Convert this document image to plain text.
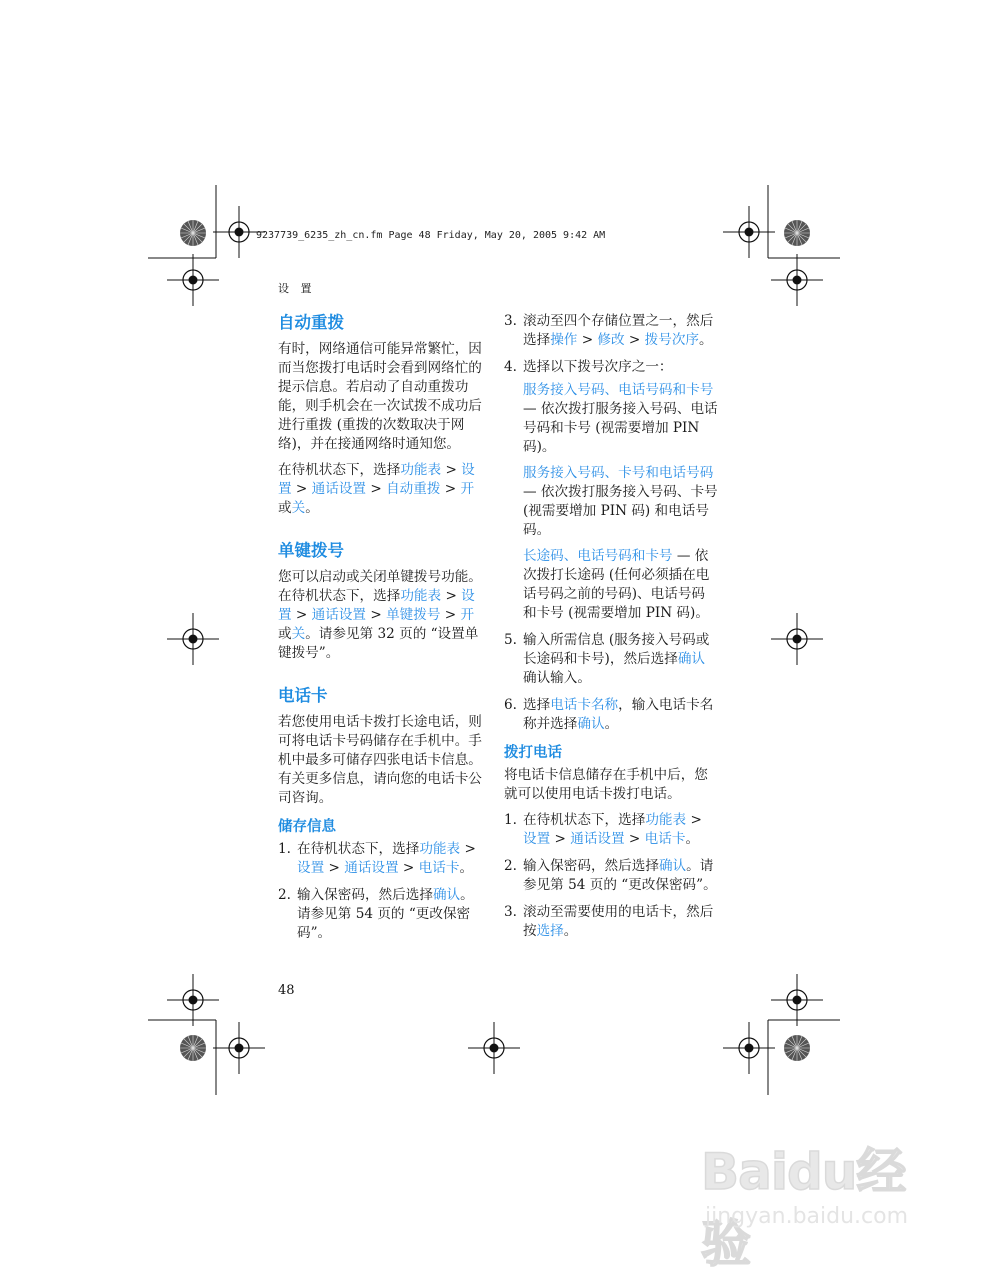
9237739_6235_zh_cn.fm Page 48 Friday, May 20, 2005 9:42 AM
设 置
自动重拨

有时，网络通信可能异常繁忙，因而当您拨打电话时会看到网络忙的提示信息。若启动了自动重拨功能，则手机会在一次试拨不成功后进行重拨 (重拨的次数取决于网络)，并在接通网络时通知您。

在待机状态下，选择功能表 > 设置 > 通话设置 > 自动重拨 > 开或关。

单键拨号

您可以启动或关闭单键拨号功能。在待机状态下，选择功能表 > 设置 > 通话设置 > 单键拨号 > 开或关。请参见第 32 页的 “设置单键拨号”。

电话卡

若您使用电话卡拨打长途电话，则可将电话卡号码储存在手机中。手机中最多可储存四张电话卡信息。有关更多信息，请向您的电话卡公司咨询。

储存信息
1. 在待机状态下，选择功能表 > 设置 > 通话设置 > 电话卡。
2. 输入保密码，然后选择确认。请参见第 54 页的 “更改保密码”。
3. 滚动至四个存储位置之一，然后选择操作 > 修改 > 拨号次序。
4. 选择以下拨号次序之一：

服务接入号码、电话号码和卡号 — 依次拨打服务接入号码、电话号码和卡号 (视需要增加 PIN 码)。

服务接入号码、卡号和电话号码 — 依次拨打服务接入号码、卡号 (视需要增加 PIN 码) 和电话号码。

长途码、电话号码和卡号 — 依次拨打长途码 (任何必须插在电话号码之前的号码)、电话号码和卡号 (视需要增加 PIN 码)。

5. 输入所需信息 (服务接入号码或长途码和卡号)，然后选择确认确认输入。
6. 选择电话卡名称，输入电话卡名称并选择确认。
拨打电话

将电话卡信息储存在手机中后，您就可以使用电话卡拨打电话。

1. 在待机状态下，选择功能表 > 设置 > 通话设置 > 电话卡。
2. 输入保密码，然后选择确认。请参见第 54 页的 “更改保密码”。
3. 滚动至需要使用的电话卡，然后按选择。
48
Baidu经验
jingyan.baidu.com
